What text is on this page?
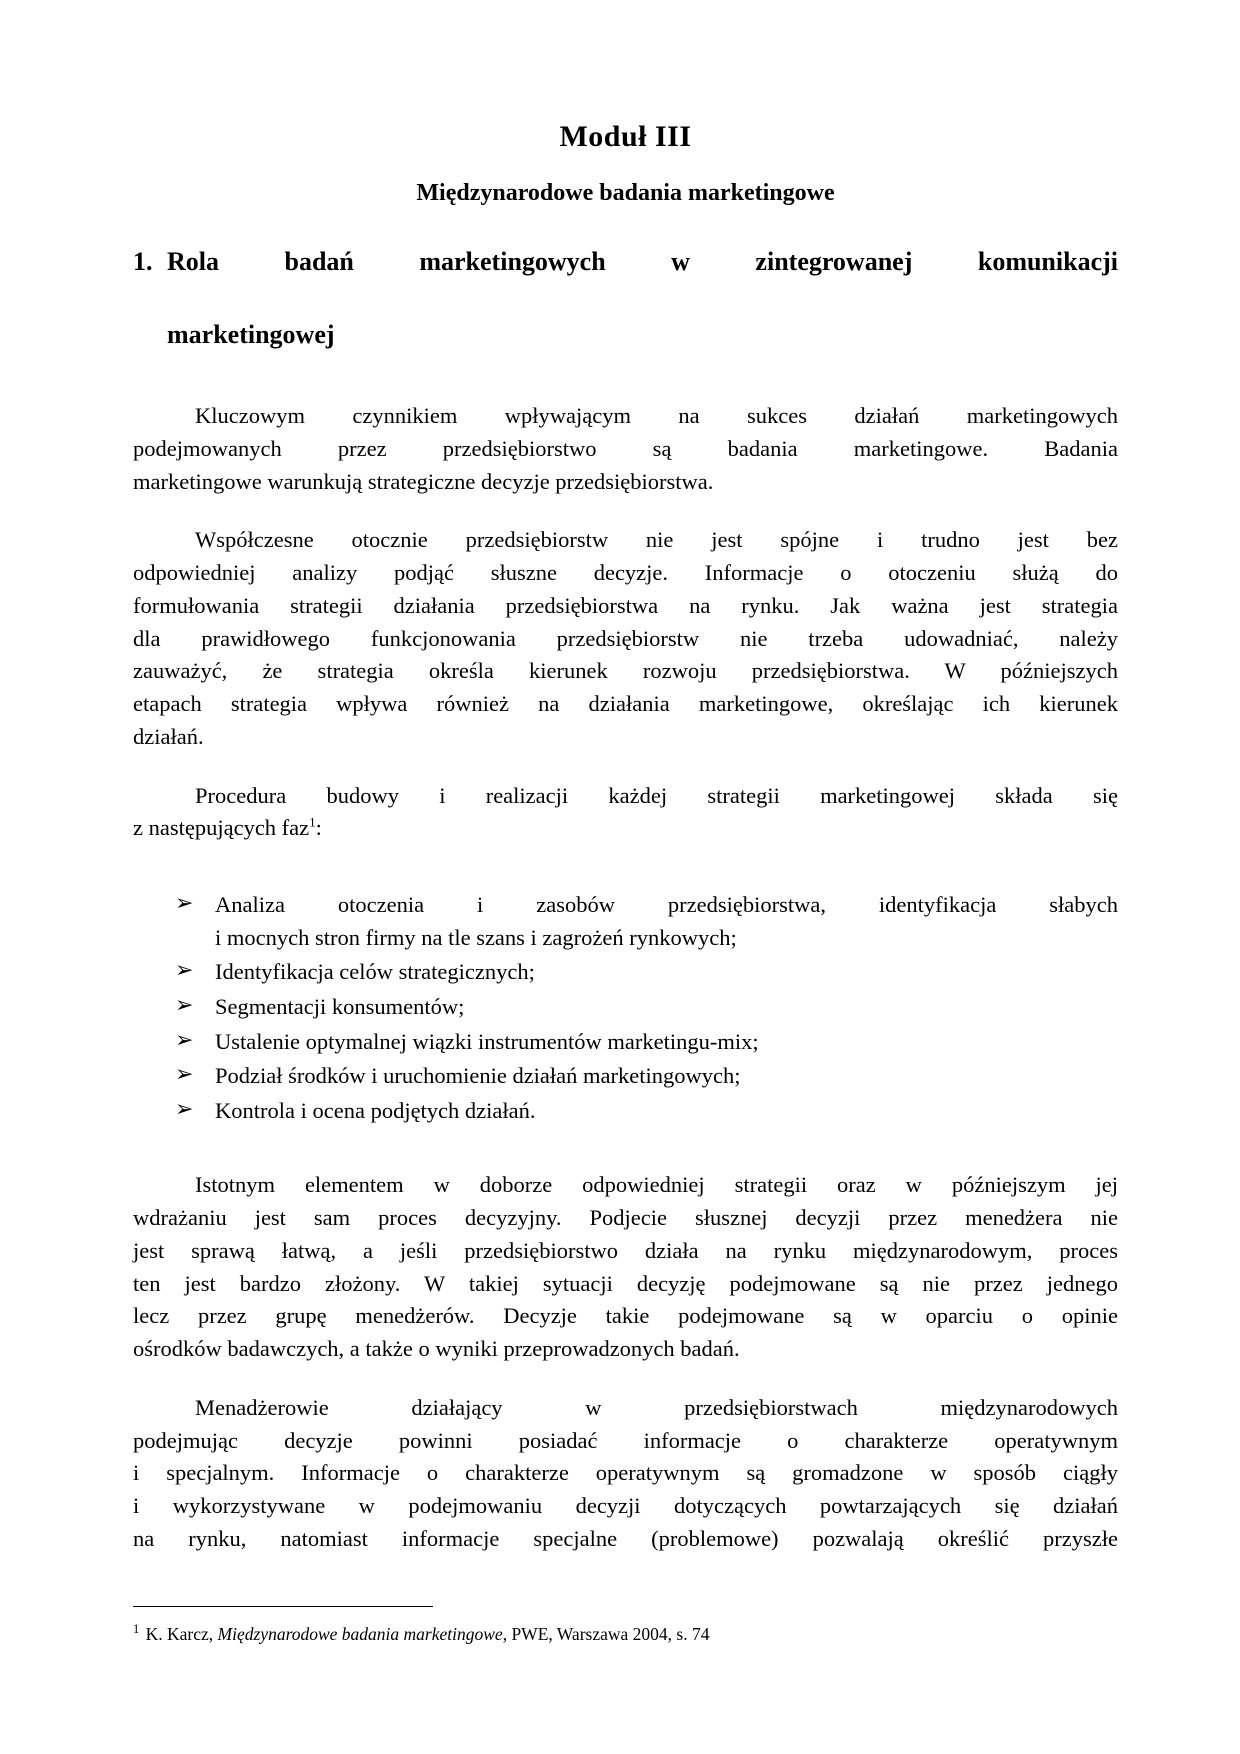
Moduł III
Międzynarodowe badania marketingowe
1. Rola badań marketingowych w zintegrowanej komunikacji
marketingowej

Kluczowym czynnikiem wpływającym na sukces działań marketingowych
podejmowanych przez przedsiębiorstwo są badania marketingowe. Badania
marketingowe warunkują strategiczne decyzje przedsiębiorstwa.

Współczesne otocznie przedsiębiorstw nie jest spójne i trudno jest bez
odpowiedniej analizy podjąć słuszne decyzje. Informacje o otoczeniu służą do
formułowania strategii działania przedsiębiorstwa na rynku. Jak ważna jest strategia
dla prawidłowego funkcjonowania przedsiębiorstw nie trzeba udowadniać, należy
zauważyć, że strategia określa kierunek rozwoju przedsiębiorstwa. W późniejszych
etapach strategia wpływa również na działania marketingowe, określając ich kierunek
działań.

Procedura budowy i realizacji każdej strategii marketingowej składa się
z następujących faz$^1$:

➢ Analiza otoczenia i zasobów przedsiębiorstwa, identyfikacja słabych
i mocnych stron firmy na tle szans i zagrożeń rynkowych;
➢ Identyfikacja celów strategicznych;
➢ Segmentacji konsumentów;
➢ Ustalenie optymalnej wiązki instrumentów marketingu-mix;
➢ Podział środków i uruchomienie działań marketingowych;
➢ Kontrola i ocena podjętych działań.

Istotnym elementem w doborze odpowiedniej strategii oraz w późniejszym jej
wdrażaniu jest sam proces decyzyjny. Podjecie słusznej decyzji przez menedżera nie
jest sprawą łatwą, a jeśli przedsiębiorstwo działa na rynku międzynarodowym, proces
ten jest bardzo złożony. W takiej sytuacji decyzję podejmowane są nie przez jednego
lecz przez grupę menedżerów. Decyzje takie podejmowane są w oparciu o opinie
ośrodków badawczych, a także o wyniki przeprowadzonych badań.

Menadżerowie działający w przedsiębiorstwach międzynarodowych
podejmując decyzje powinni posiadać informacje o charakterze operatywnym
i specjalnym. Informacje o charakterze operatywnym są gromadzone w sposób ciągły
i wykorzystywane w podejmowaniu decyzji dotyczących powtarzających się działań
na rynku, natomiast informacje specjalne (problemowe) pozwalają określić przyszłe

$^1$ K. Karcz, Międzynarodowe badania marketingowe, PWE, Warszawa 2004, s. 74
